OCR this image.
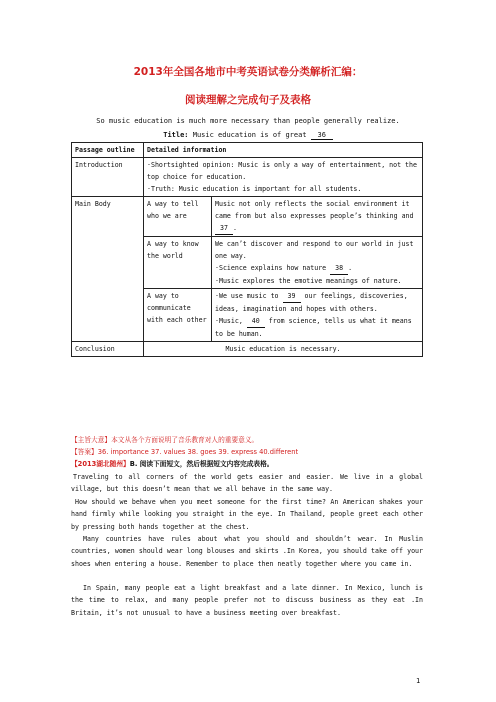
2013年全国各地市中考英语试卷分类解析汇编：
阅读理解之完成句子及表格
So music education is much more necessary than people generally realize.
Title: Music education is of great 36
Passage outline	Detailed information	
Introduction	·Shortsighted opinion: Music is only a way of entertainment, not the top choice for education.
·Truth: Music education is important for all students.	

Main Body	A way to tell who we are	Music not only reflects the social environment it came from but also expresses people’s thinking and 37 .
	A way to know the world	We can’t discover and respond to our world in just one way.
·Science explains how nature 38 .
·Music explores the emotive meanings of nature.

	A way to communicate with each other	·We use music to 39 our feelings, discoveries, ideas, imagination and hopes with others.
·Music, 40 from science, tells us what it means to be human.

Conclusion	Music education is necessary.	
【主旨大意】本文从各个方面说明了音乐教育对人的重要意义。
【答案】36. importance 37. values 38. goes 39. express 40.different
【2013湖北随州】B. 阅读下面短文，然后根据短文内容完成表格。
Traveling to all corners of the world gets easier and easier. We live in a global village, but this doesn’t mean that we all behave in the same way.
How should we behave when you meet someone for the first time? An American shakes your hand firmly while looking you straight in the eye. In Thailand, people greet each other by pressing both hands together at the chest.
Many countries have rules about what you should and shouldn’t wear. In Muslin countries, women should wear long blouses and skirts .In Korea, you should take off your shoes when entering a house. Remember to place then neatly together where you came in.
In Spain, many people eat a light breakfast and a late dinner. In Mexico, lunch is the time to relax, and many people prefer not to discuss business as they eat .In Britain, it’s not unusual to have a business meeting over breakfast.
1
